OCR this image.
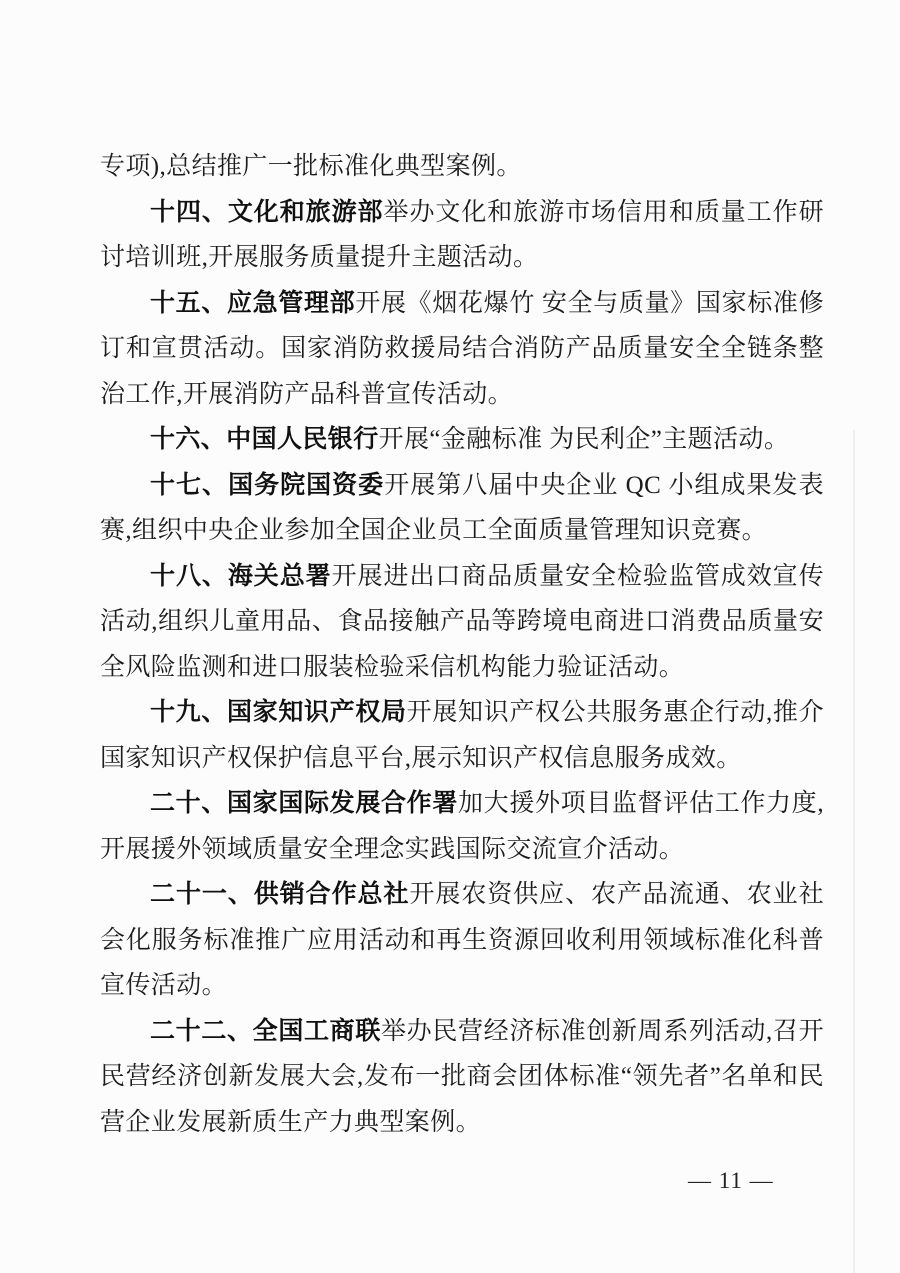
专项),总结推广一批标准化典型案例。

十四、文化和旅游部举办文化和旅游市场信用和质量工作研讨培训班,开展服务质量提升主题活动。

十五、应急管理部开展《烟花爆竹 安全与质量》国家标准修订和宣贯活动。国家消防救援局结合消防产品质量安全全链条整治工作,开展消防产品科普宣传活动。

十六、中国人民银行开展“金融标准 为民利企”主题活动。

十七、国务院国资委开展第八届中央企业 QC 小组成果发表赛,组织中央企业参加全国企业员工全面质量管理知识竞赛。

十八、海关总署开展进出口商品质量安全检验监管成效宣传活动,组织儿童用品、食品接触产品等跨境电商进口消费品质量安全风险监测和进口服装检验采信机构能力验证活动。

十九、国家知识产权局开展知识产权公共服务惠企行动,推介国家知识产权保护信息平台,展示知识产权信息服务成效。

二十、国家国际发展合作署加大援外项目监督评估工作力度,开展援外领域质量安全理念实践国际交流宣介活动。

二十一、供销合作总社开展农资供应、农产品流通、农业社会化服务标准推广应用活动和再生资源回收利用领域标准化科普宣传活动。

二十二、全国工商联举办民营经济标准创新周系列活动,召开民营经济创新发展大会,发布一批商会团体标准“领先者”名单和民营企业发展新质生产力典型案例。

— 11 —
